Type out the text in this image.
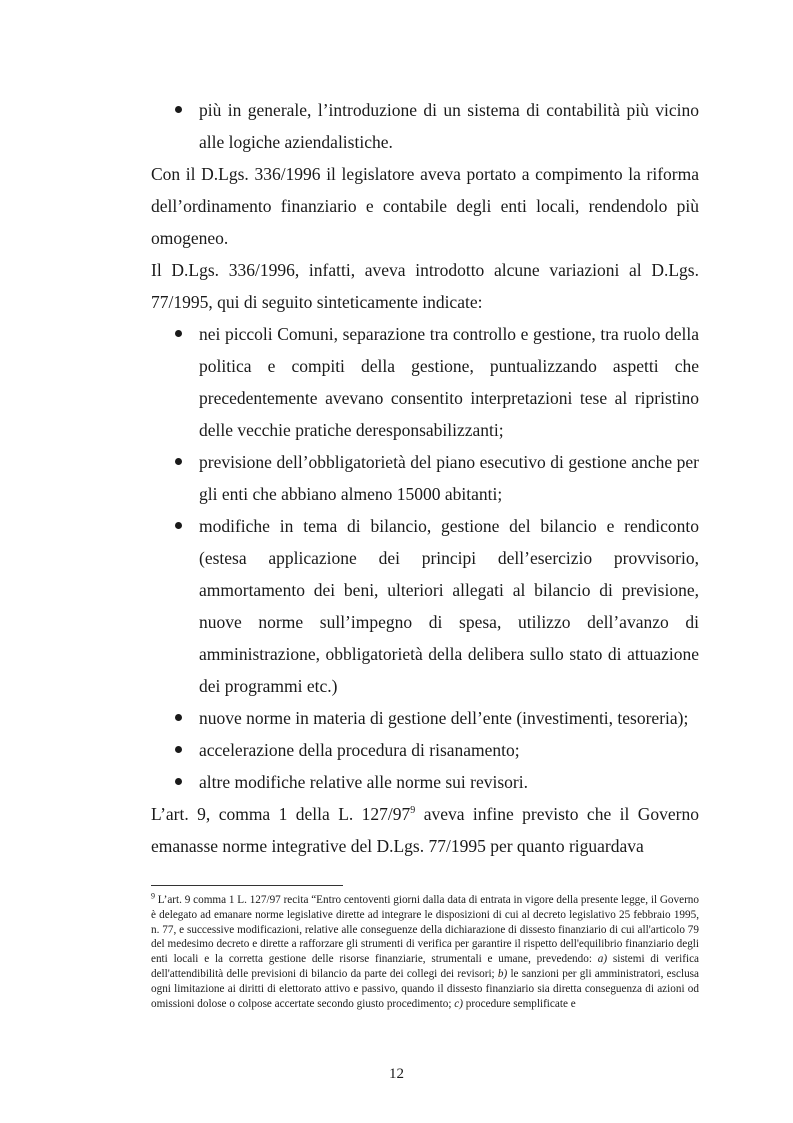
più in generale, l’introduzione di un sistema di contabilità più vicino alle logiche aziendalistiche.

Con il D.Lgs. 336/1996 il legislatore aveva portato a compimento la riforma dell’ordinamento finanziario e contabile degli enti locali, rendendolo più omogeneo.

Il D.Lgs. 336/1996, infatti, aveva introdotto alcune variazioni al D.Lgs. 77/1995, qui di seguito sinteticamente indicate:

nei piccoli Comuni, separazione tra controllo e gestione, tra ruolo della politica e compiti della gestione, puntualizzando aspetti che precedentemente avevano consentito interpretazioni tese al ripristino delle vecchie pratiche deresponsabilizzanti;
previsione dell’obbligatorietà del piano esecutivo di gestione anche per gli enti che abbiano almeno 15000 abitanti;
modifiche in tema di bilancio, gestione del bilancio e rendiconto (estesa applicazione dei principi dell’esercizio provvisorio, ammortamento dei beni, ulteriori allegati al bilancio di previsione, nuove norme sull’impegno di spesa, utilizzo dell’avanzo di amministrazione, obbligatorietà della delibera sullo stato di attuazione dei programmi etc.)
nuove norme in materia di gestione dell’ente (investimenti, tesoreria);
accelerazione della procedura di risanamento;
altre modifiche relative alle norme sui revisori.

L’art. 9, comma 1 della L. 127/97$^9$ aveva infine previsto che il Governo emanasse norme integrative del D.Lgs. 77/1995 per quanto riguardava

$^9$ L’art. 9 comma 1 L. 127/97 recita “Entro centoventi giorni dalla data di entrata in vigore della presente legge, il Governo è delegato ad emanare norme legislative dirette ad integrare le disposizioni di cui al decreto legislativo 25 febbraio 1995, n. 77, e successive modificazioni, relative alle conseguenze della dichiarazione di dissesto finanziario di cui all'articolo 79 del medesimo decreto e dirette a rafforzare gli strumenti di verifica per garantire il rispetto dell'equilibrio finanziario degli enti locali e la corretta gestione delle risorse finanziarie, strumentali e umane, prevedendo: a) sistemi di verifica dell'attendibilità delle previsioni di bilancio da parte dei collegi dei revisori; b) le sanzioni per gli amministratori, esclusa ogni limitazione ai diritti di elettorato attivo e passivo, quando il dissesto finanziario sia diretta conseguenza di azioni od omissioni dolose o colpose accertate secondo giusto procedimento; c) procedure semplificate e
12
